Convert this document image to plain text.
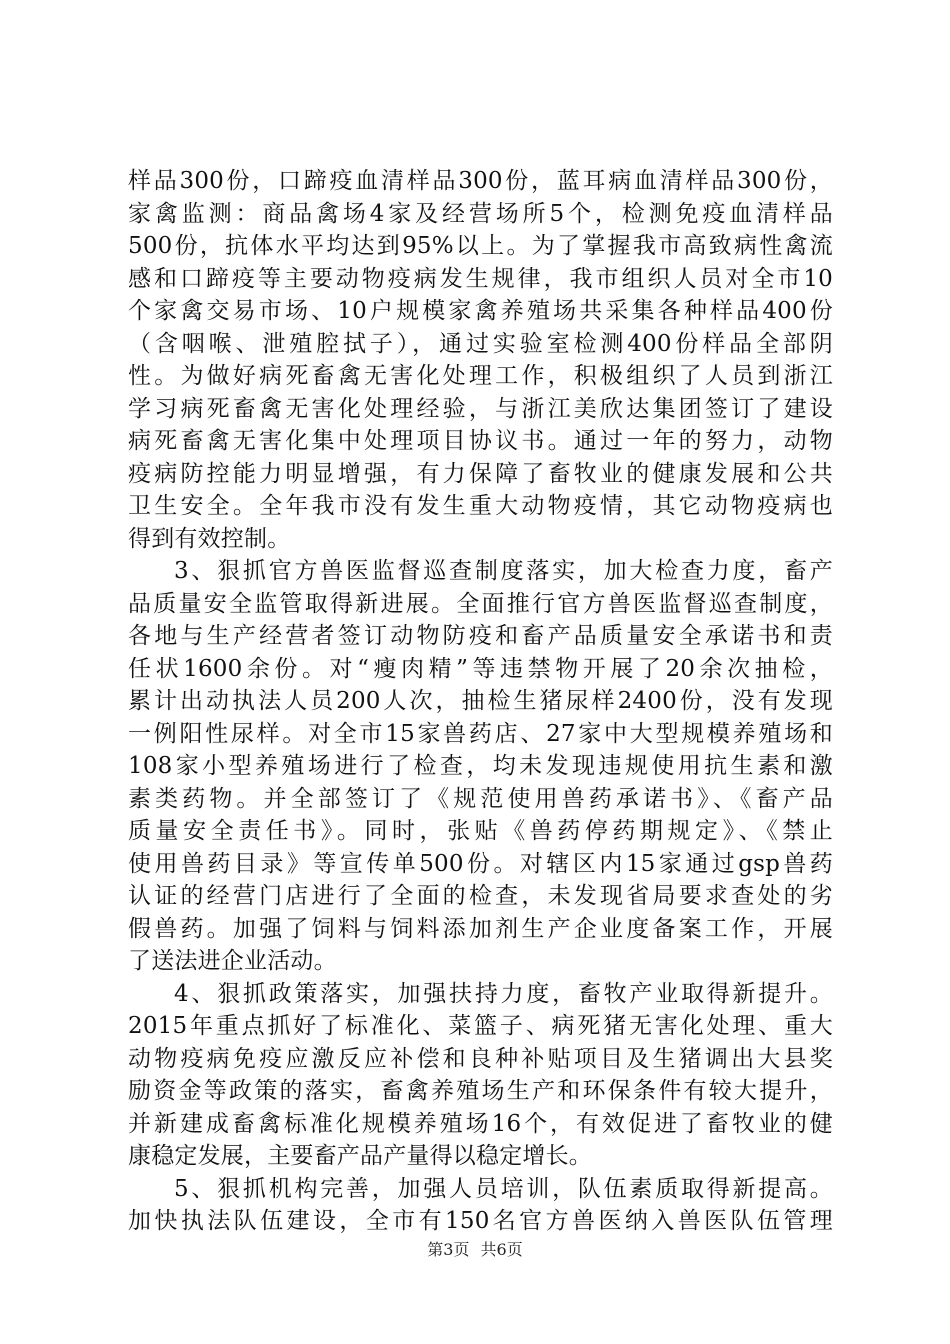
样品300份，口蹄疫血清样品300份，蓝耳病血清样品300份，
家禽监测：商品禽场4家及经营场所5个，检测免疫血清样品
500份，抗体水平均达到95%以上。为了掌握我市高致病性禽流
感和口蹄疫等主要动物疫病发生规律，我市组织人员对全市10
个家禽交易市场、10户规模家禽养殖场共采集各种样品400份
（含咽喉、泄殖腔拭子），通过实验室检测400份样品全部阴
性。为做好病死畜禽无害化处理工作，积极组织了人员到浙江
学习病死畜禽无害化处理经验，与浙江美欣达集团签订了建设
病死畜禽无害化集中处理项目协议书。通过一年的努力，动物
疫病防控能力明显增强，有力保障了畜牧业的健康发展和公共
卫生安全。全年我市没有发生重大动物疫情，其它动物疫病也
得到有效控制。
3、狠抓官方兽医监督巡查制度落实，加大检查力度，畜产
品质量安全监管取得新进展。全面推行官方兽医监督巡查制度，
各地与生产经营者签订动物防疫和畜产品质量安全承诺书和责
任状1600余份。对“瘦肉精”等违禁物开展了20余次抽检，
累计出动执法人员200人次，抽检生猪尿样2400份，没有发现
一例阳性尿样。对全市15家兽药店、27家中大型规模养殖场和
108家小型养殖场进行了检查，均未发现违规使用抗生素和激
素类药物。并全部签订了《规范使用兽药承诺书》、《畜产品
质量安全责任书》。同时，张贴《兽药停药期规定》、《禁止
使用兽药目录》等宣传单500份。对辖区内15家通过gsp兽药
认证的经营门店进行了全面的检查，未发现省局要求查处的劣
假兽药。加强了饲料与饲料添加剂生产企业度备案工作，开展
了送法进企业活动。
4、狠抓政策落实，加强扶持力度，畜牧产业取得新提升。
2015年重点抓好了标准化、菜篮子、病死猪无害化处理、重大
动物疫病免疫应激反应补偿和良种补贴项目及生猪调出大县奖
励资金等政策的落实，畜禽养殖场生产和环保条件有较大提升，
并新建成畜禽标准化规模养殖场16个，有效促进了畜牧业的健
康稳定发展，主要畜产品产量得以稳定增长。
5、狠抓机构完善，加强人员培训，队伍素质取得新提高。
加快执法队伍建设，全市有150名官方兽医纳入兽医队伍管理
第3页 共6页
